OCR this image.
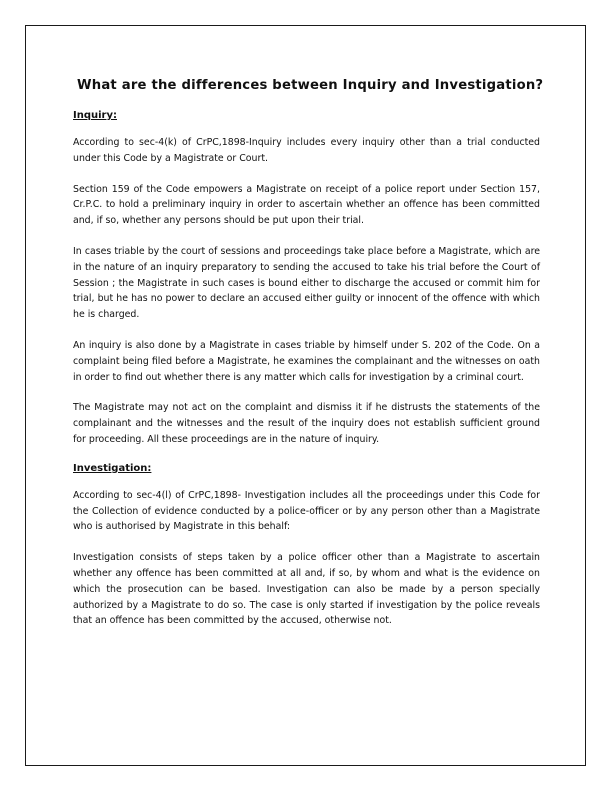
What are the differences between Inquiry and Investigation?
Inquiry:

According to sec-4(k) of CrPC,1898-Inquiry includes every inquiry other than a trial conducted under this Code by a Magistrate or Court.

Section 159 of the Code empowers a Magistrate on receipt of a police report under Section 157, Cr.P.C. to hold a preliminary inquiry in order to ascertain whether an offence has been committed and, if so, whether any persons should be put upon their trial.

In cases triable by the court of sessions and proceedings take place before a Magistrate, which are in the nature of an inquiry preparatory to sending the accused to take his trial before the Court of Session ; the Magistrate in such cases is bound either to discharge the accused or commit him for trial, but he has no power to declare an accused either guilty or innocent of the offence with which he is charged.

An inquiry is also done by a Magistrate in cases triable by himself under S. 202 of the Code. On a complaint being filed before a Magistrate, he examines the complainant and the witnesses on oath in order to find out whether there is any matter which calls for investigation by a criminal court.

The Magistrate may not act on the complaint and dismiss it if he distrusts the statements of the complainant and the witnesses and the result of the inquiry does not establish sufficient ground for proceeding. All these proceedings are in the nature of inquiry.

Investigation:

According to sec-4(l) of CrPC,1898- Investigation includes all the proceedings under this Code for the Collection of evidence conducted by a police-officer or by any person other than a Magistrate who is authorised by Magistrate in this behalf:

Investigation consists of steps taken by a police officer other than a Magistrate to ascertain whether any offence has been committed at all and, if so, by whom and what is the evidence on which the prosecution can be based. Investigation can also be made by a person specially authorized by a Magistrate to do so. The case is only started if investigation by the police reveals that an offence has been committed by the accused, otherwise not.
